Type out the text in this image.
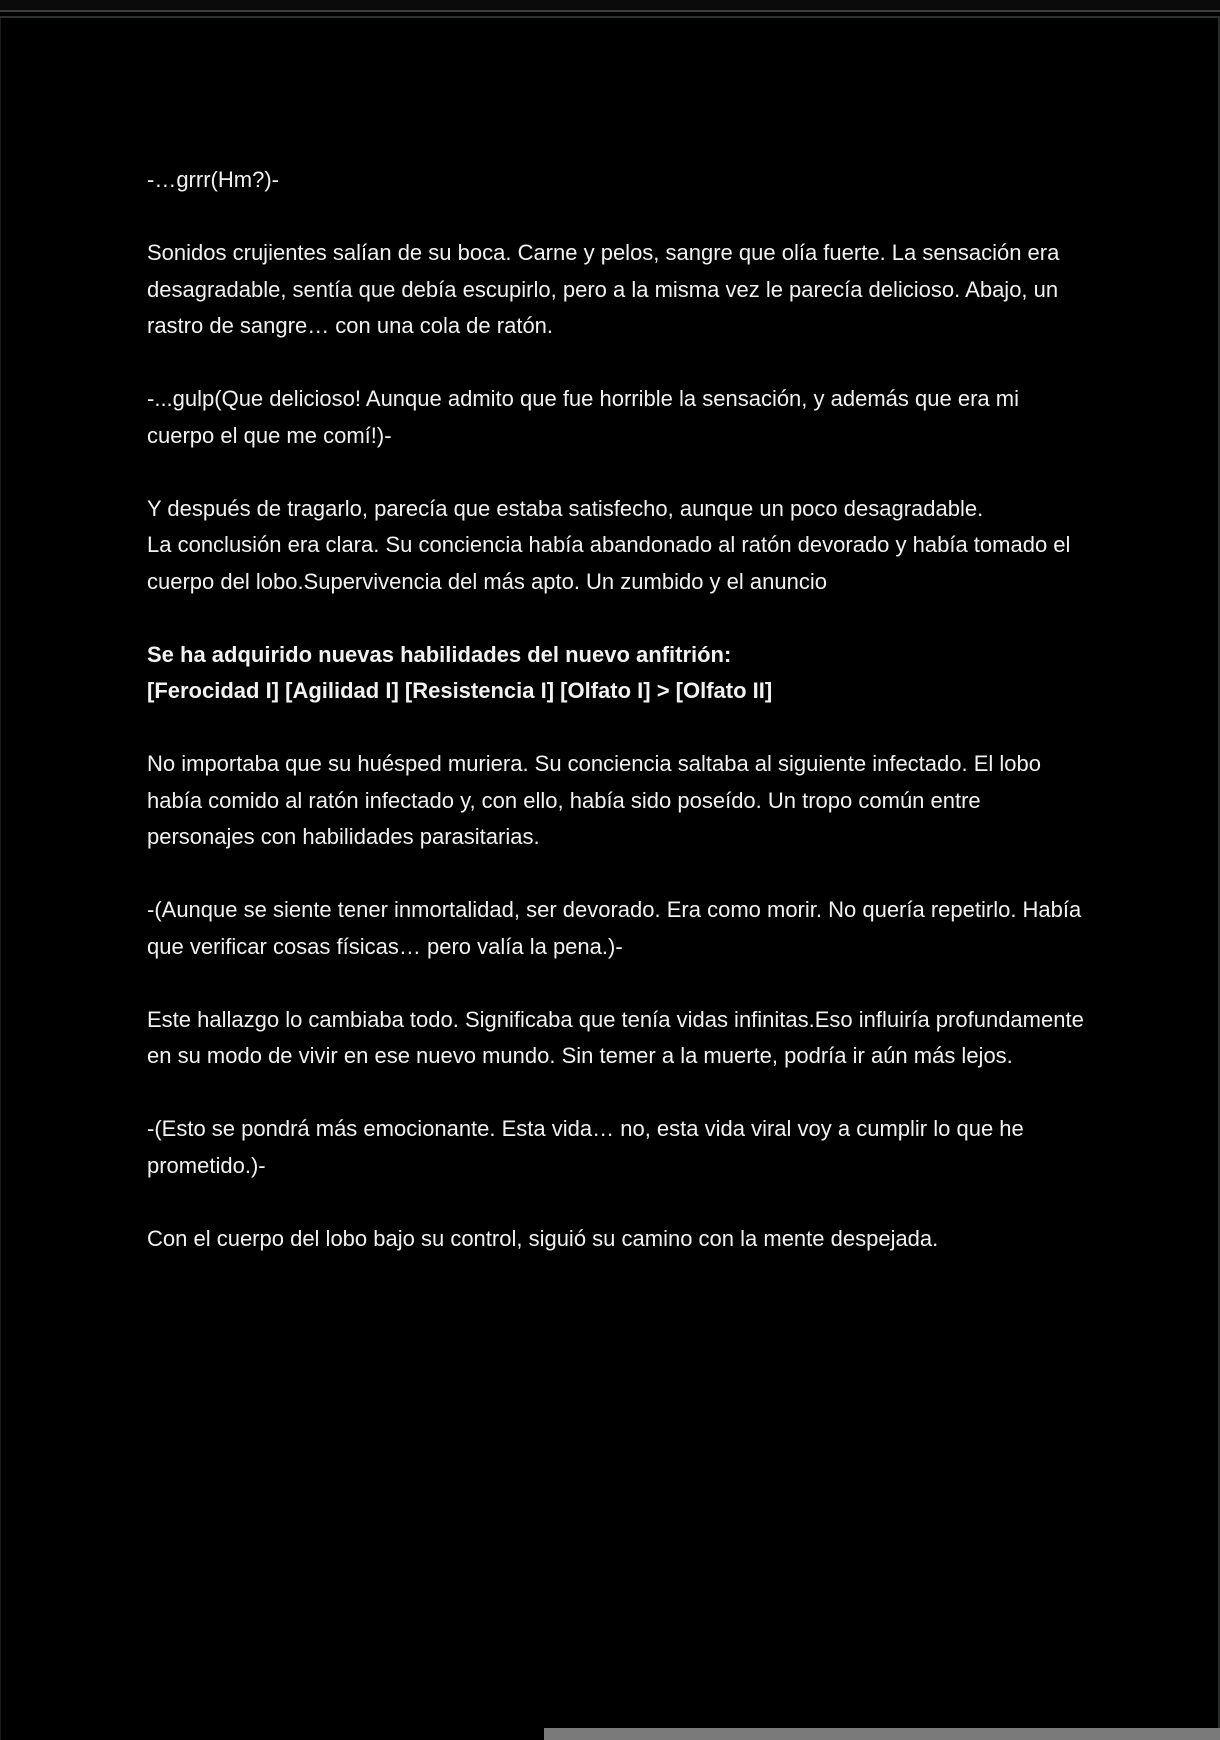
-…grrr(Hm?)-

Sonidos crujientes salían de su boca. Carne y pelos, sangre que olía fuerte. La sensación era desagradable, sentía que debía escupirlo, pero a la misma vez le parecía delicioso. Abajo, un rastro de sangre… con una cola de ratón.

-...gulp(Que delicioso! Aunque admito que fue horrible la sensación, y además que era mi cuerpo el que me comí!)-

Y después de tragarlo, parecía que estaba satisfecho, aunque un poco desagradable.

La conclusión era clara. Su conciencia había abandonado al ratón devorado y había tomado el cuerpo del lobo.Supervivencia del más apto. Un zumbido y el anuncio

Se ha adquirido nuevas habilidades del nuevo anfitrión:

[Ferocidad I] [Agilidad I] [Resistencia I] [Olfato I] > [Olfato II]

No importaba que su huésped muriera. Su conciencia saltaba al siguiente infectado. El lobo había comido al ratón infectado y, con ello, había sido poseído. Un tropo común entre personajes con habilidades parasitarias.

-(Aunque se siente tener inmortalidad, ser devorado. Era como morir. No quería repetirlo. Había que verificar cosas físicas… pero valía la pena.)-

Este hallazgo lo cambiaba todo. Significaba que tenía vidas infinitas.Eso influiría profundamente en su modo de vivir en ese nuevo mundo. Sin temer a la muerte, podría ir aún más lejos.

-(Esto se pondrá más emocionante. Esta vida… no, esta vida viral voy a cumplir lo que he prometido.)-

Con el cuerpo del lobo bajo su control, siguió su camino con la mente despejada.
